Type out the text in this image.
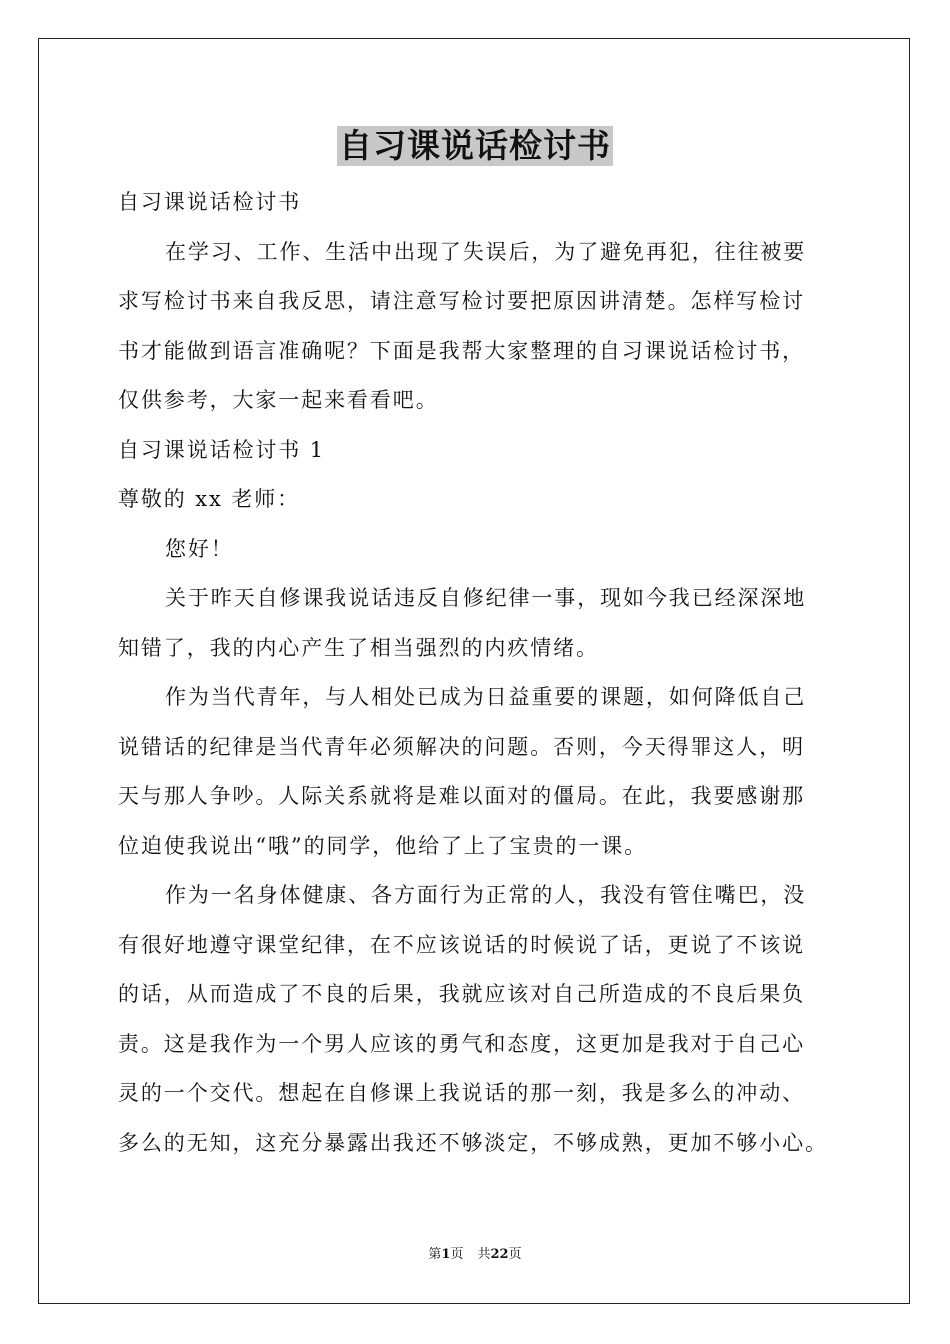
自习课说话检讨书

自习课说话检讨书

在学习、工作、生活中出现了失误后，为了避免再犯，往往被要

求写检讨书来自我反思，请注意写检讨要把原因讲清楚。怎样写检讨

书才能做到语言准确呢？下面是我帮大家整理的自习课说话检讨书，

仅供参考，大家一起来看看吧。

自习课说话检讨书 1

尊敬的 xx 老师：

您好！

关于昨天自修课我说话违反自修纪律一事，现如今我已经深深地

知错了，我的内心产生了相当强烈的内疚情绪。

作为当代青年，与人相处已成为日益重要的课题，如何降低自己

说错话的纪律是当代青年必须解决的问题。否则，今天得罪这人，明

天与那人争吵。人际关系就将是难以面对的僵局。在此，我要感谢那

位迫使我说出“哦”的同学，他给了上了宝贵的一课。

作为一名身体健康、各方面行为正常的人，我没有管住嘴巴，没

有很好地遵守课堂纪律，在不应该说话的时候说了话，更说了不该说

的话，从而造成了不良的后果，我就应该对自己所造成的不良后果负

责。这是我作为一个男人应该的勇气和态度，这更加是我对于自己心

灵的一个交代。想起在自修课上我说话的那一刻，我是多么的冲动、

多么的无知，这充分暴露出我还不够淡定，不够成熟，更加不够小心。

第1页 共22页
